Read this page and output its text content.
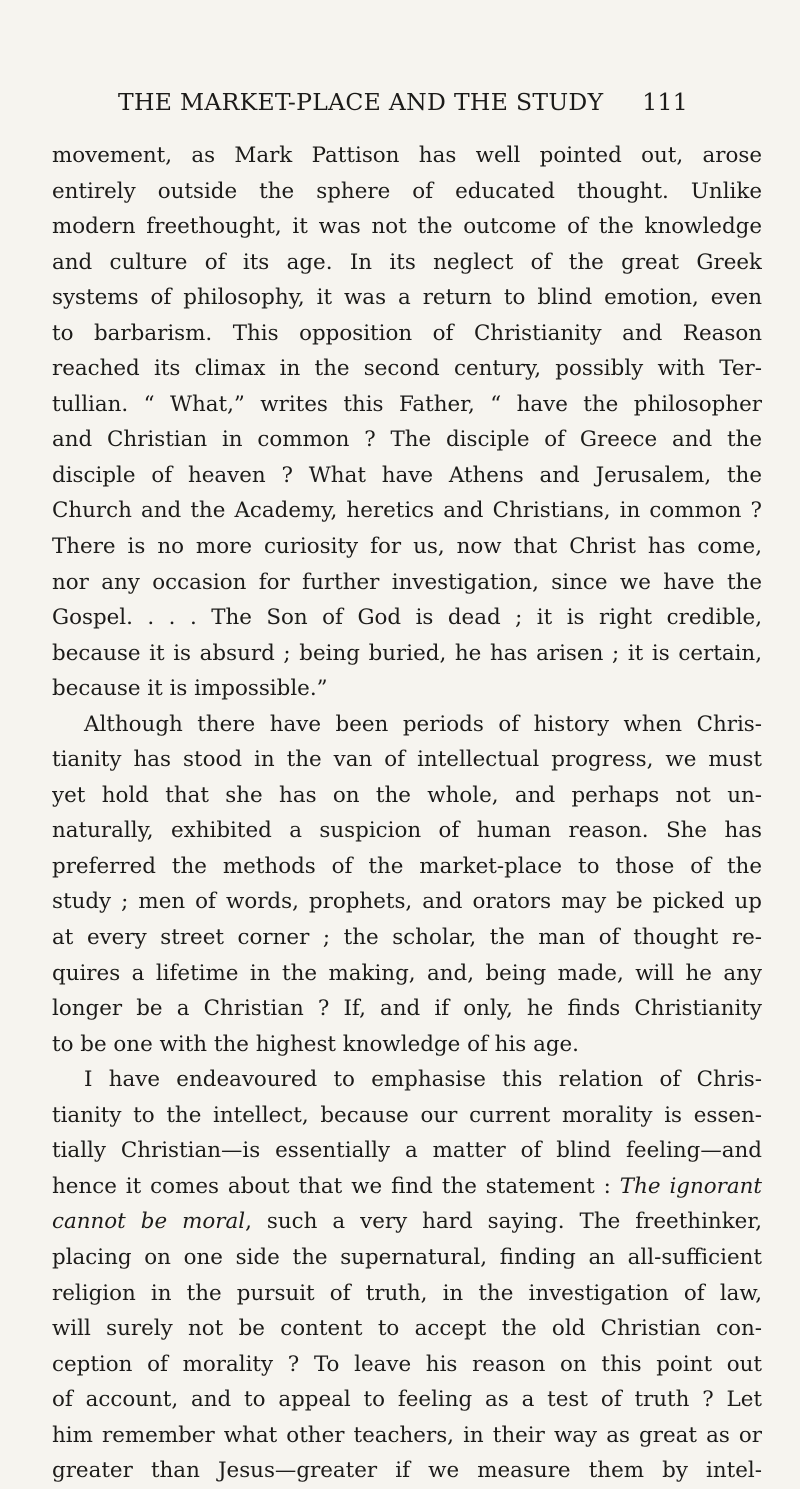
THE MARKET-PLACE AND THE STUDY 111
movement, as Mark Pattison has well pointed out, arose
entirely outside the sphere of educated thought. Unlike
modern freethought, it was not the outcome of the knowledge
and culture of its age. In its neglect of the great Greek
systems of philosophy, it was a return to blind emotion, even
to barbarism. This opposition of Christianity and Reason
reached its climax in the second century, possibly with Ter-
tullian. “ What,” writes this Father, “ have the philosopher
and Christian in common ? The disciple of Greece and the
disciple of heaven ? What have Athens and Jerusalem, the
Church and the Academy, heretics and Christians, in common ?
There is no more curiosity for us, now that Christ has come,
nor any occasion for further investigation, since we have the
Gospel. . . . The Son of God is dead ; it is right credible,
because it is absurd ; being buried, he has arisen ; it is certain,
because it is impossible.”
Although there have been periods of history when Chris-
tianity has stood in the van of intellectual progress, we must
yet hold that she has on the whole, and perhaps not un-
naturally, exhibited a suspicion of human reason. She has
preferred the methods of the market-place to those of the
study ; men of words, prophets, and orators may be picked up
at every street corner ; the scholar, the man of thought re-
quires a lifetime in the making, and, being made, will he any
longer be a Christian ? If, and if only, he finds Christianity
to be one with the highest knowledge of his age.
I have endeavoured to emphasise this relation of Chris-
tianity to the intellect, because our current morality is essen-
tially Christian—is essentially a matter of blind feeling—and
hence it comes about that we find the statement : The ignorant
cannot be moral, such a very hard saying. The freethinker,
placing on one side the supernatural, finding an all-sufficient
religion in the pursuit of truth, in the investigation of law,
will surely not be content to accept the old Christian con-
ception of morality ? To leave his reason on this point out
of account, and to appeal to feeling as a test of truth ? Let
him remember what other teachers, in their way as great as or
greater than Jesus—greater if we measure them by intel-
